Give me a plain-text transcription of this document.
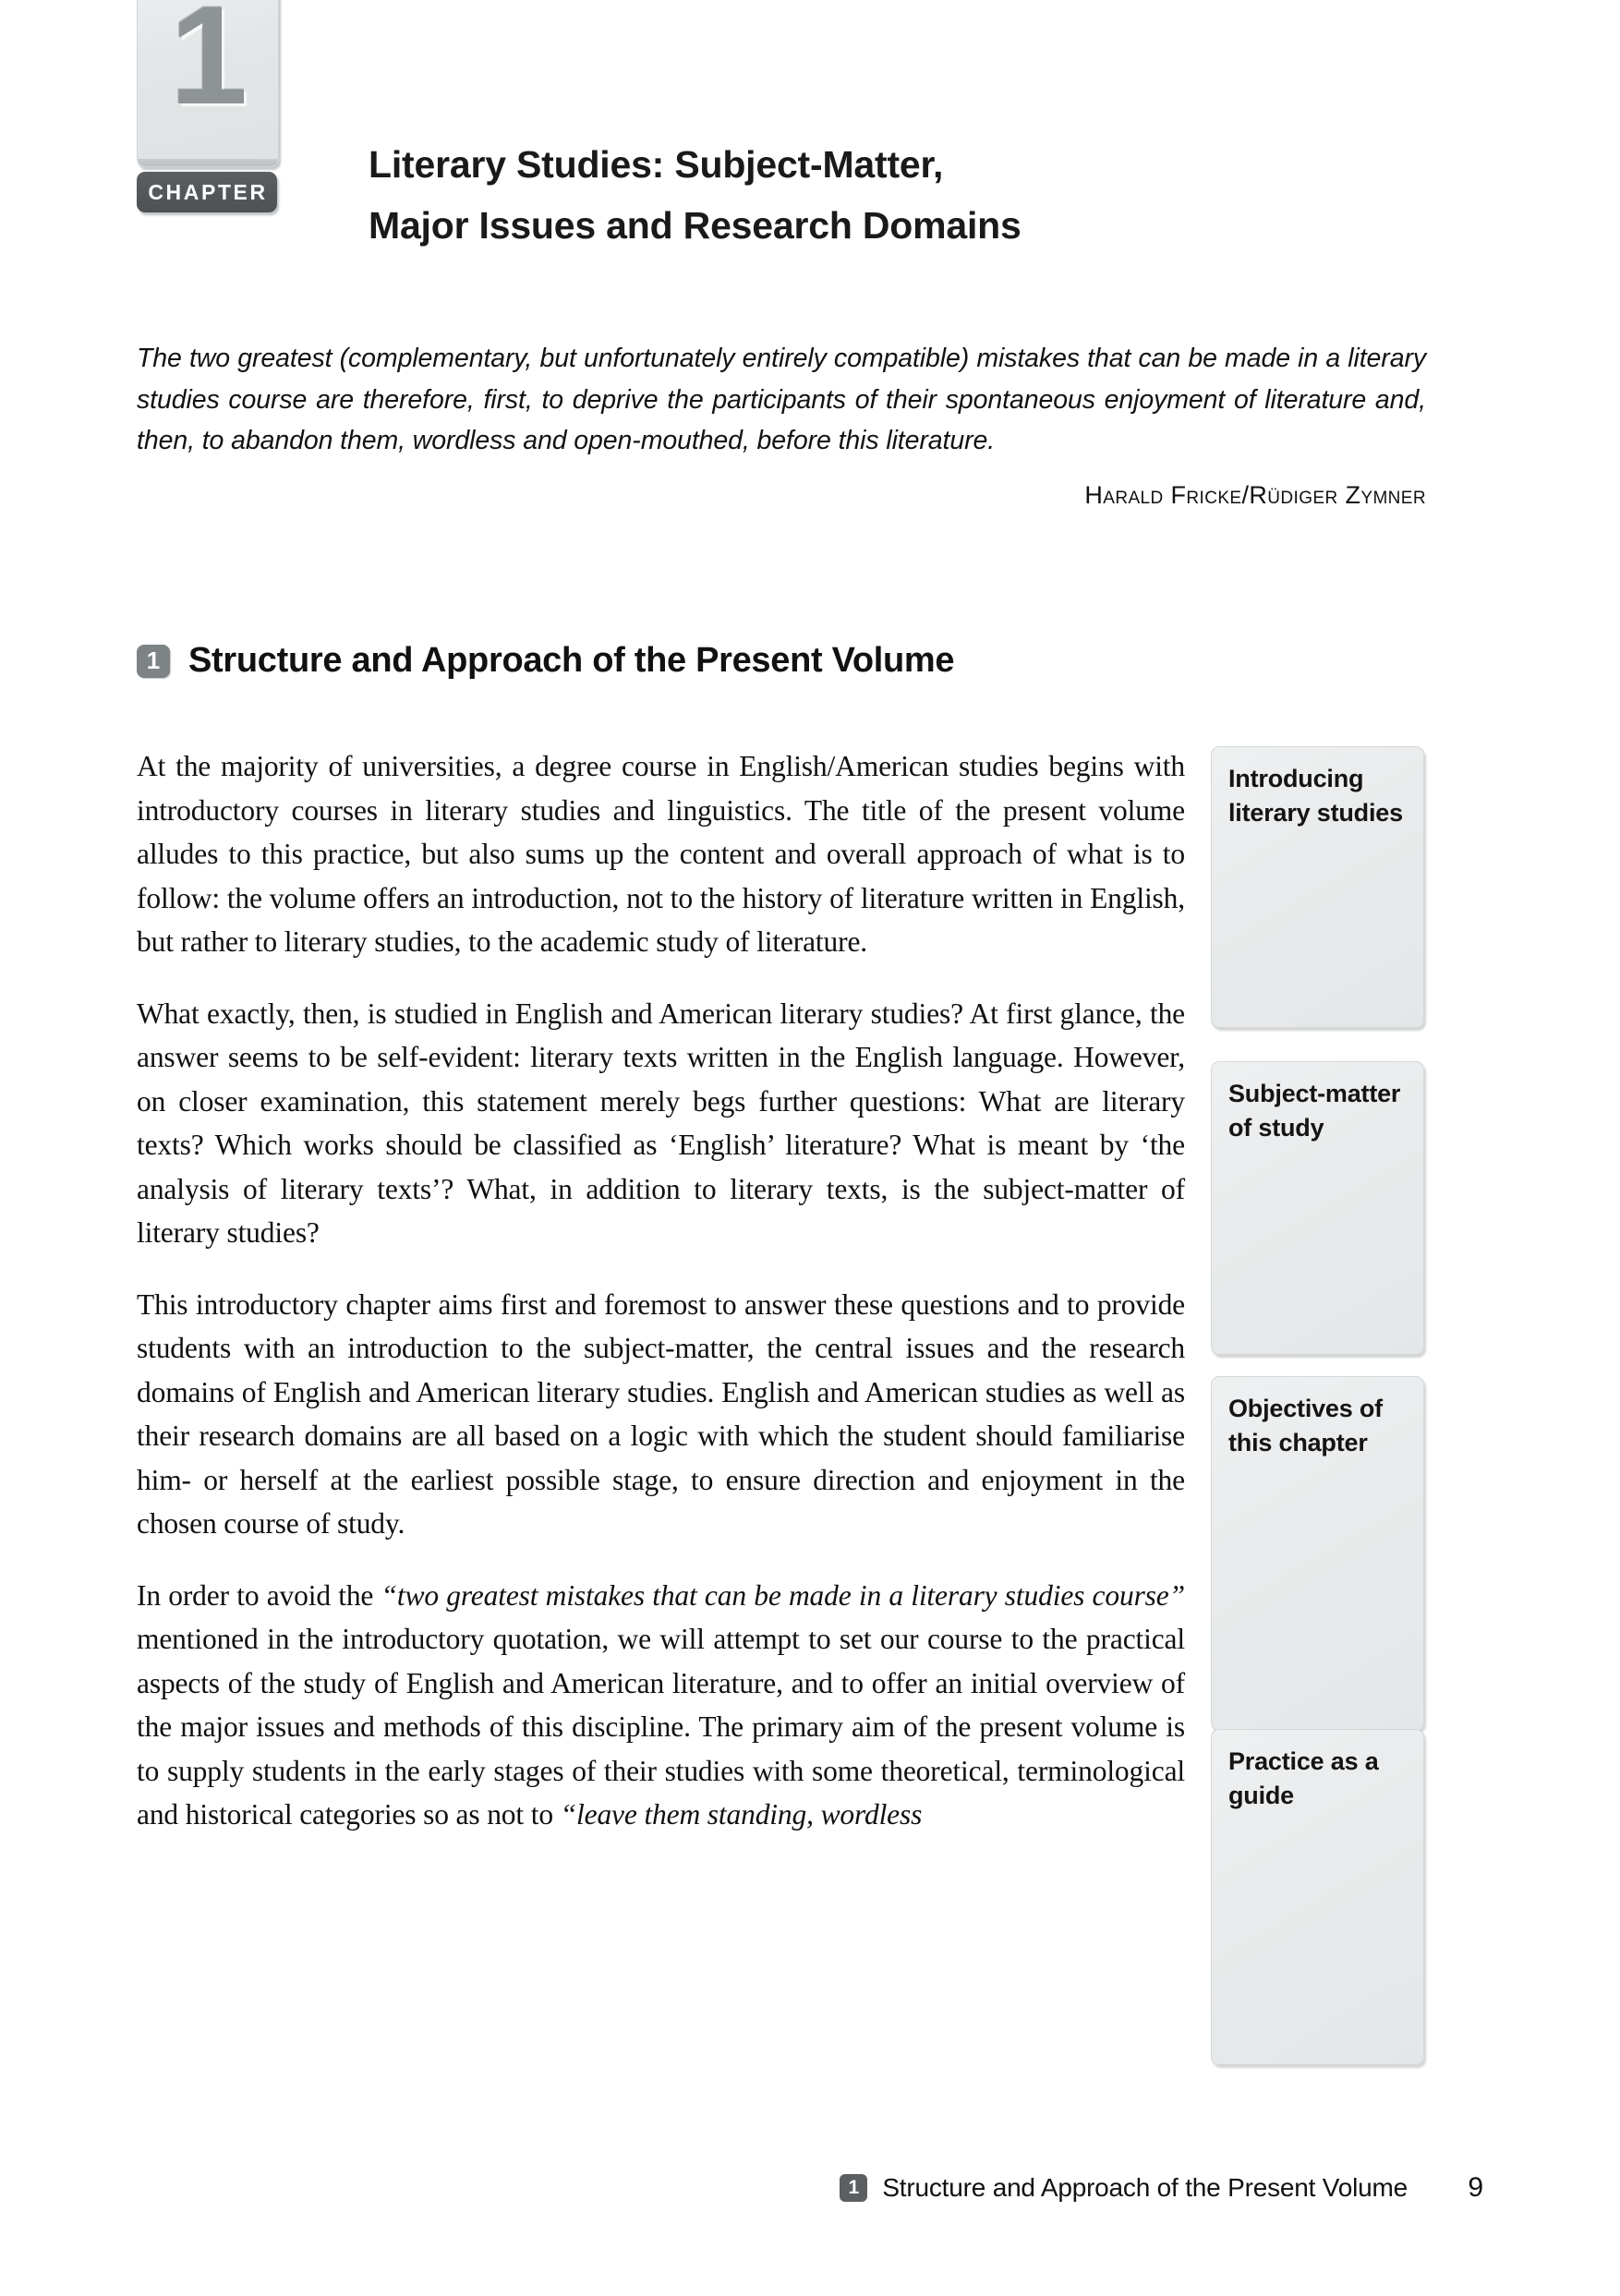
1
CHAPTER
Literary Studies: Subject-Matter,
Major Issues and Research Domains

The two greatest (complementary, but unfortunately entirely compatible) mistakes that can be made in a literary studies course are therefore, first, to deprive the participants of their spontaneous enjoyment of literature and, then, to abandon them, wordless and open-mouthed, before this literature.

Harald Fricke/Rüdiger Zymner

1 Structure and Approach of the Present Volume

At the majority of universities, a degree course in English/American studies begins with introductory courses in literary studies and linguistics. The title of the present volume alludes to this practice, but also sums up the content and overall approach of what is to follow: the volume offers an introduction, not to the history of literature written in English, but rather to literary studies, to the academic study of literature.

What exactly, then, is studied in English and American literary studies? At first glance, the answer seems to be self-evident: literary texts written in the English language. However, on closer examination, this statement merely begs further questions: What are literary texts? Which works should be classified as ‘English’ literature? What is meant by ‘the analysis of literary texts’? What, in addition to literary texts, is the subject-matter of literary studies?

This introductory chapter aims first and foremost to answer these questions and to provide students with an introduction to the subject-matter, the central issues and the research domains of English and American literary studies. English and American studies as well as their research domains are all based on a logic with which the student should familiarise him- or herself at the earliest possible stage, to ensure direction and enjoyment in the chosen course of study.

In order to avoid the “two greatest mistakes that can be made in a literary studies course” mentioned in the introductory quotation, we will attempt to set our course to the practical aspects of the study of English and American literature, and to offer an initial overview of the major issues and methods of this discipline. The primary aim of the present volume is to supply students in the early stages of their studies with some theoretical, terminological and historical categories so as not to “leave them standing, wordless

Introducing literary studies
Subject-matter of study
Objectives of this chapter
Practice as a guide
1 Structure and Approach of the Present Volume 9
